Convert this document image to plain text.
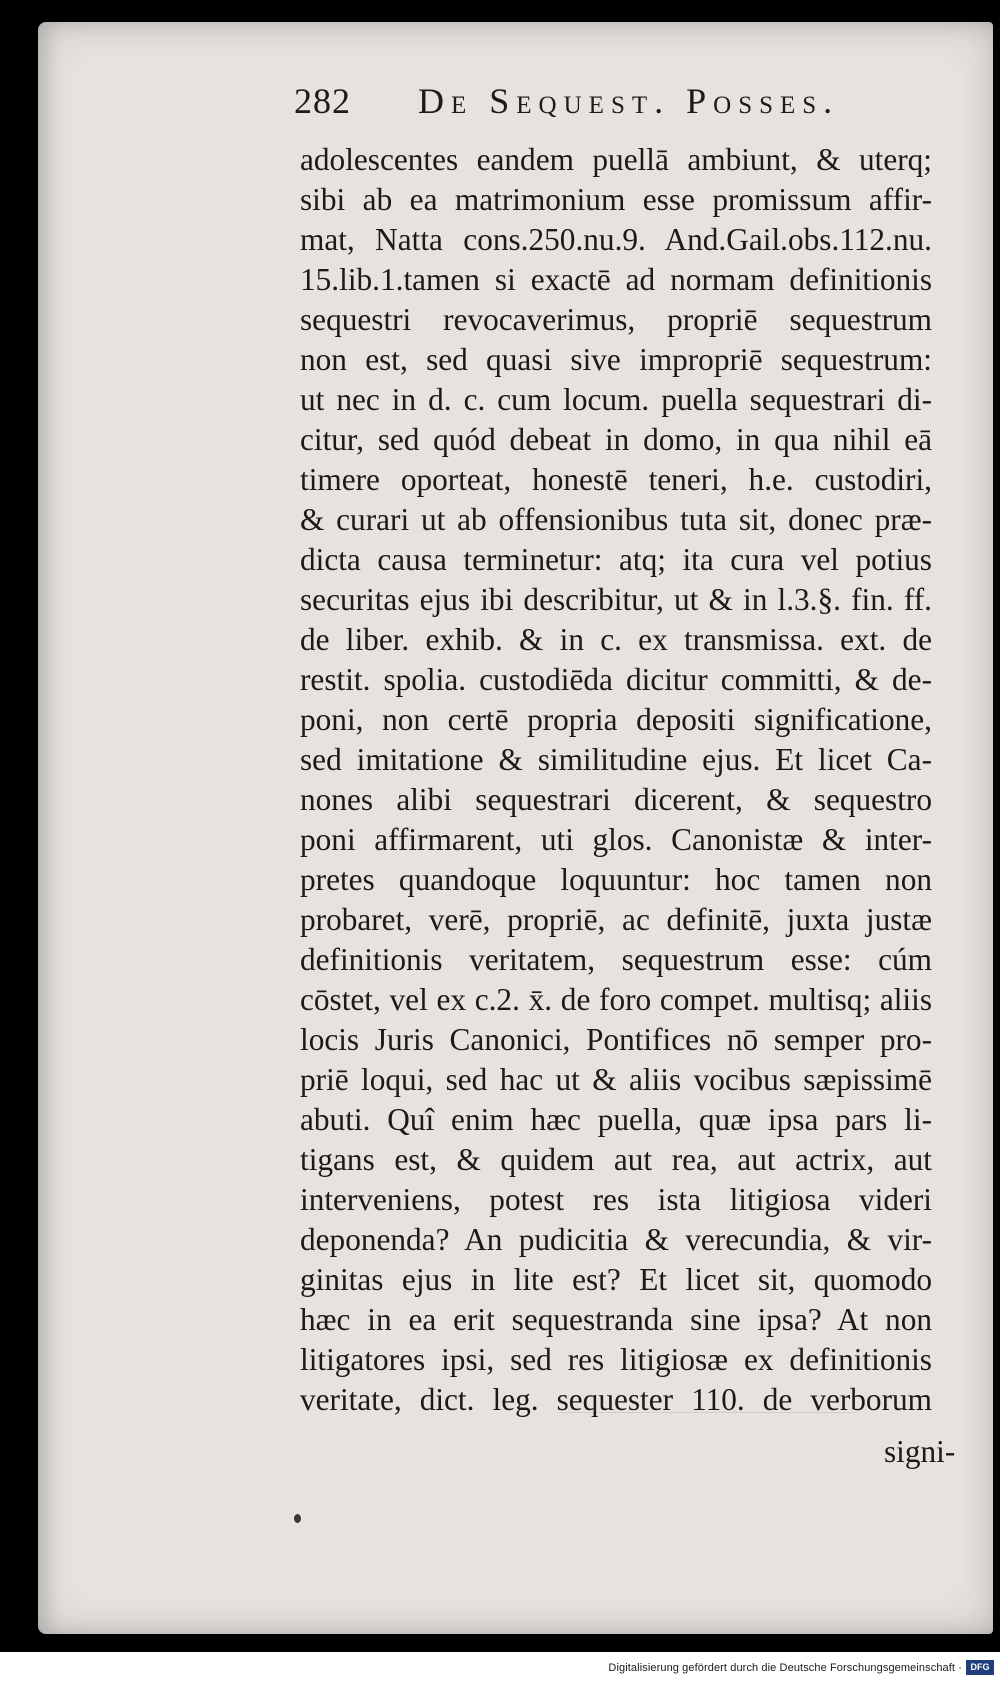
282 De Sequest. Posses.
adolescentes eandem puellā ambiunt, & uterq;
sibi ab ea matrimonium esse promissum affir-
mat, Natta cons.250.nu.9. And.Gail.obs.112.nu.
15.lib.1.tamen si exactē ad normam definitionis
sequestri revocaverimus, propriē sequestrum
non est, sed quasi sive impropriē sequestrum:
ut nec in d. c. cum locum. puella sequestrari di-
citur, sed quód debeat in domo, in qua nihil eā
timere oporteat, honestē teneri, h.e. custodiri,
& curari ut ab offensionibus tuta sit, donec præ-
dicta causa terminetur: atq; ita cura vel potius
securitas ejus ibi describitur, ut & in l.3.§. fin. ff.
de liber. exhib. & in c. ex transmissa. ext. de
restit. spolia. custodiēda dicitur committi, & de-
poni, non certē propria depositi significatione,
sed imitatione & similitudine ejus. Et licet Ca-
nones alibi sequestrari dicerent, & sequestro
poni affirmarent, uti glos. Canonistæ & inter-
pretes quandoque loquuntur: hoc tamen non
probaret, verē, propriē, ac definitē, juxta justæ
definitionis veritatem, sequestrum esse: cúm
cōstet, vel ex c.2. x̄. de foro compet. multisq; aliis
locis Juris Canonici, Pontifices nō semper pro-
priē loqui, sed hac ut & aliis vocibus sæpissimē
abuti. Quî enim hæc puella, quæ ipsa pars li-
tigans est, & quidem aut rea, aut actrix, aut
interveniens, potest res ista litigiosa videri
deponenda? An pudicitia & verecundia, & vir-
ginitas ejus in lite est? Et licet sit, quomodo
hæc in ea erit sequestranda sine ipsa? At non
litigatores ipsi, sed res litigiosæ ex definitionis
veritate, dict. leg. sequester 110. de verborum
signi-
Digitalisierung gefördert durch die Deutsche Forschungsgemeinschaft · DFG
